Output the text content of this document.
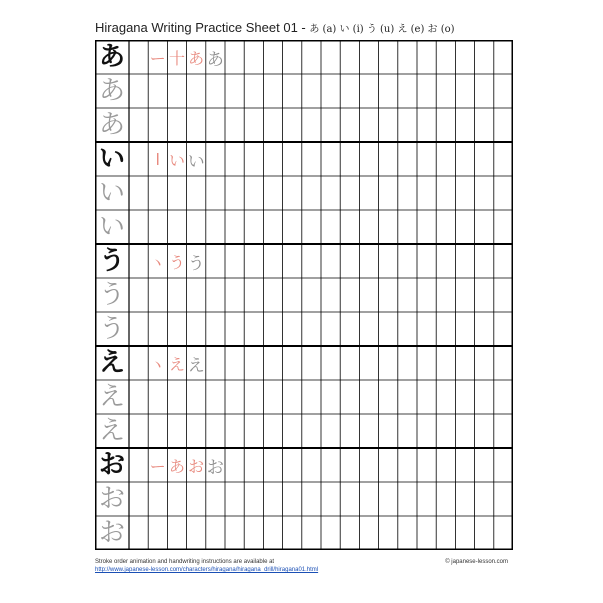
Hiragana Writing Practice Sheet 01 - あ (a) い (i) う (u) え (e) お (o)
あ ー 十 あ あ
あ
あ
い	l い い
い
い
う ヽ う う
う
う
え ヽ え え
え
え
お ー あ お お
お
お
Stroke order animation and handwriting instructions are available at
http://www.japanese-lesson.com/characters/hiragana/hiragana_drill/hiragana01.html
© japanese-lesson.com
